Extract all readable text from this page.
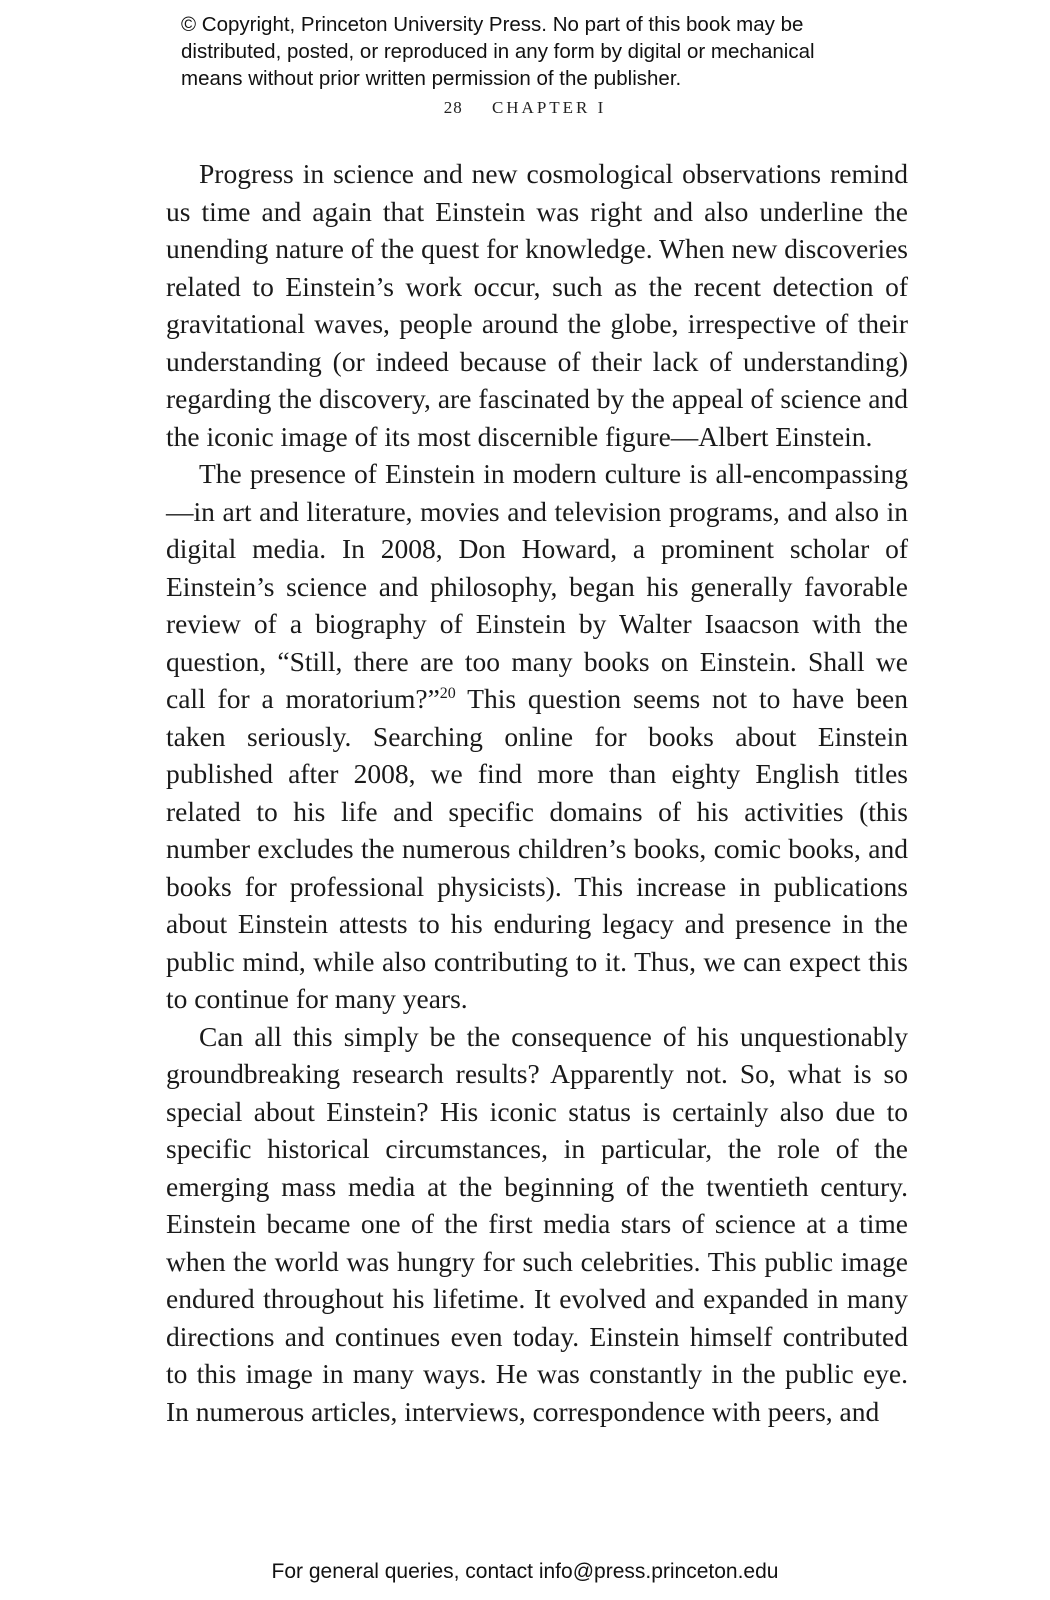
© Copyright, Princeton University Press. No part of this book may be
distributed, posted, or reproduced in any form by digital or mechanical
means without prior written permission of the publisher.
28 CHAPTER I

Progress in science and new cosmological observations remind us time and again that Einstein was right and also underline the unending nature of the quest for knowledge. When new discoveries related to Einstein’s work occur, such as the recent detection of gravitational waves, people around the globe, irrespective of their understanding (or indeed because of their lack of understanding) regarding the discovery, are fascinated by the appeal of science and the iconic image of its most discernible figure—Albert Einstein.

The presence of Einstein in modern culture is all-encompassing—in art and literature, movies and television programs, and also in digital media. In 2008, Don Howard, a prominent scholar of Einstein’s science and philosophy, began his generally favorable review of a biography of Einstein by Walter Isaacson with the question, “Still, there are too many books on Einstein. Shall we call for a moratorium?”$^{20}$ This question seems not to have been taken seriously. Searching online for books about Einstein published after 2008, we find more than eighty English titles related to his life and specific domains of his activities (this number excludes the numerous children’s books, comic books, and books for professional physicists). This increase in publications about Einstein attests to his enduring legacy and presence in the public mind, while also contributing to it. Thus, we can expect this to continue for many years.

Can all this simply be the consequence of his unquestionably groundbreaking research results? Apparently not. So, what is so special about Einstein? His iconic status is certainly also due to specific historical circumstances, in particular, the role of the emerging mass media at the beginning of the twentieth century. Einstein became one of the first media stars of science at a time when the world was hungry for such celebrities. This public image endured throughout his lifetime. It evolved and expanded in many directions and continues even today. Einstein himself contributed to this image in many ways. He was constantly in the public eye. In numerous articles, interviews, correspondence with peers, and

For general queries, contact info@press.princeton.edu
